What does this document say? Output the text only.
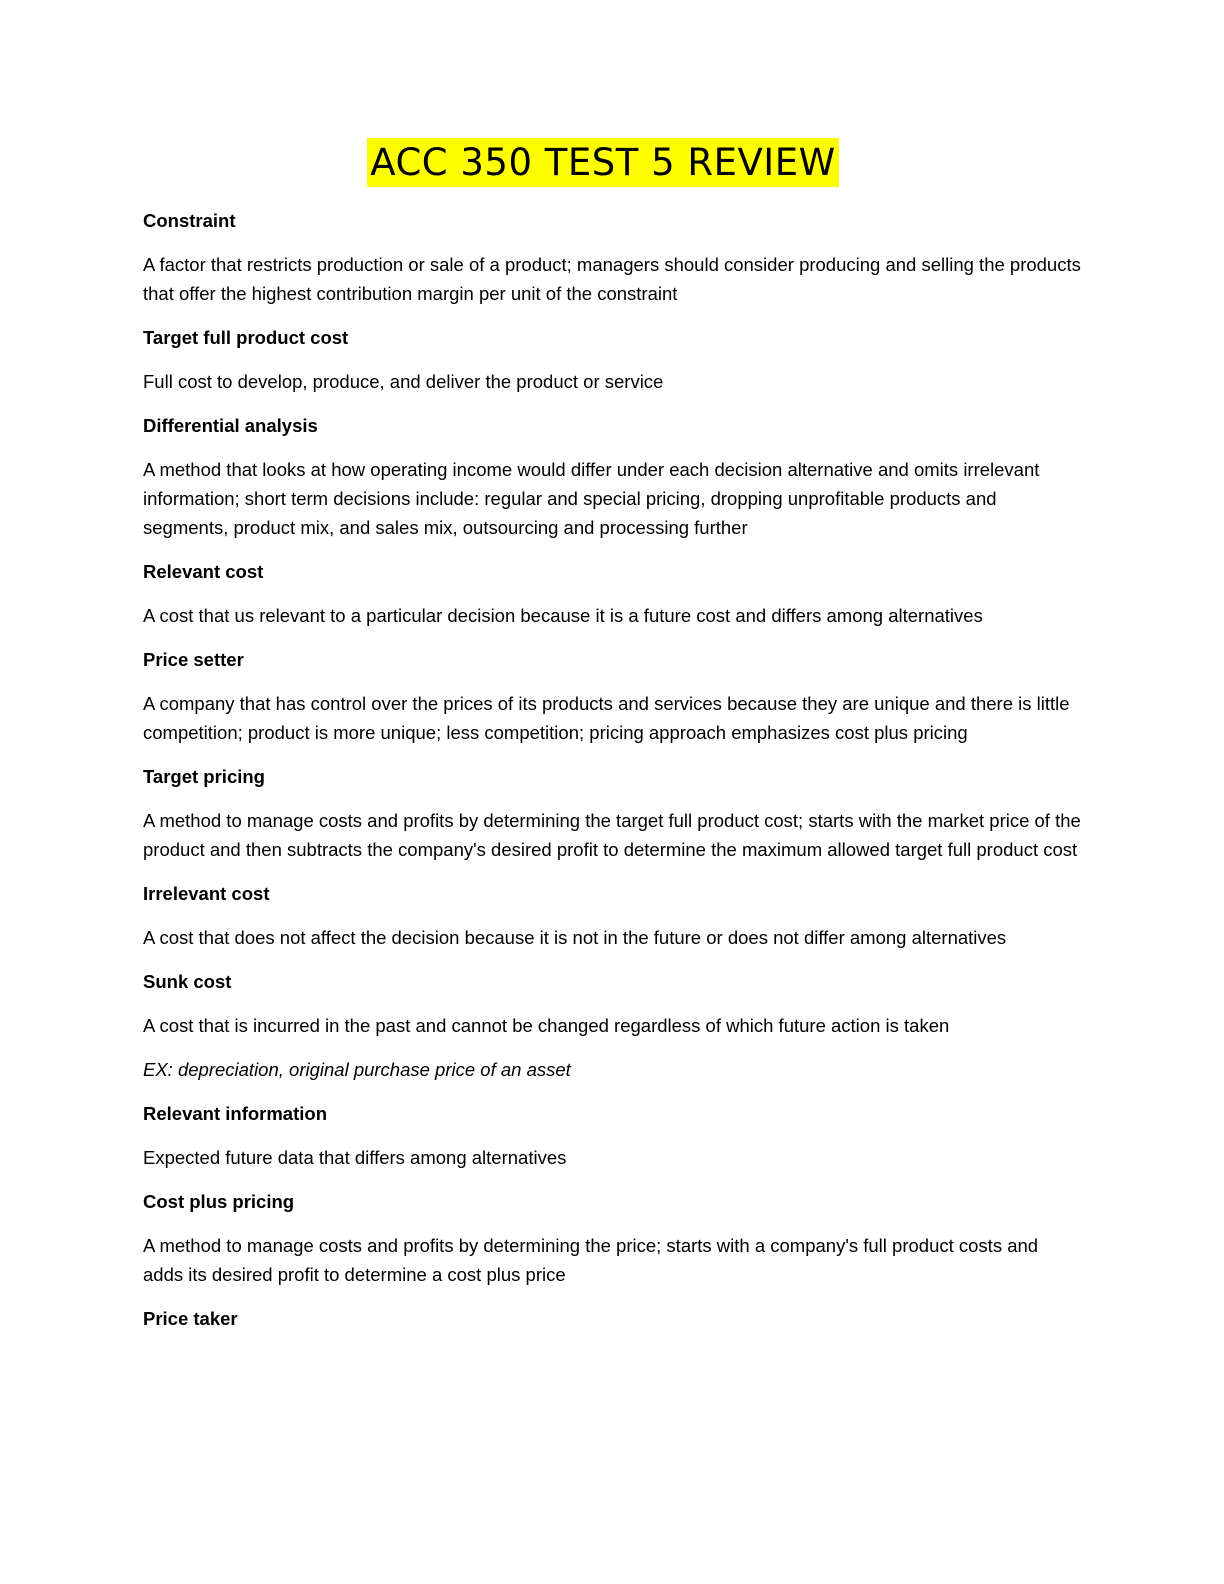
ACC 350 TEST 5 REVIEW

Constraint

A factor that restricts production or sale of a product; managers should consider producing and selling the products that offer the highest contribution margin per unit of the constraint

Target full product cost

Full cost to develop, produce, and deliver the product or service

Differential analysis

A method that looks at how operating income would differ under each decision alternative and omits irrelevant information; short term decisions include: regular and special pricing, dropping unprofitable products and segments, product mix, and sales mix, outsourcing and processing further

Relevant cost

A cost that us relevant to a particular decision because it is a future cost and differs among alternatives

Price setter

A company that has control over the prices of its products and services because they are unique and there is little competition; product is more unique; less competition; pricing approach emphasizes cost plus pricing

Target pricing

A method to manage costs and profits by determining the target full product cost; starts with the market price of the product and then subtracts the company's desired profit to determine the maximum allowed target full product cost

Irrelevant cost

A cost that does not affect the decision because it is not in the future or does not differ among alternatives

Sunk cost

A cost that is incurred in the past and cannot be changed regardless of which future action is taken

EX: depreciation, original purchase price of an asset

Relevant information

Expected future data that differs among alternatives

Cost plus pricing

A method to manage costs and profits by determining the price; starts with a company's full product costs and adds its desired profit to determine a cost plus price

Price taker
